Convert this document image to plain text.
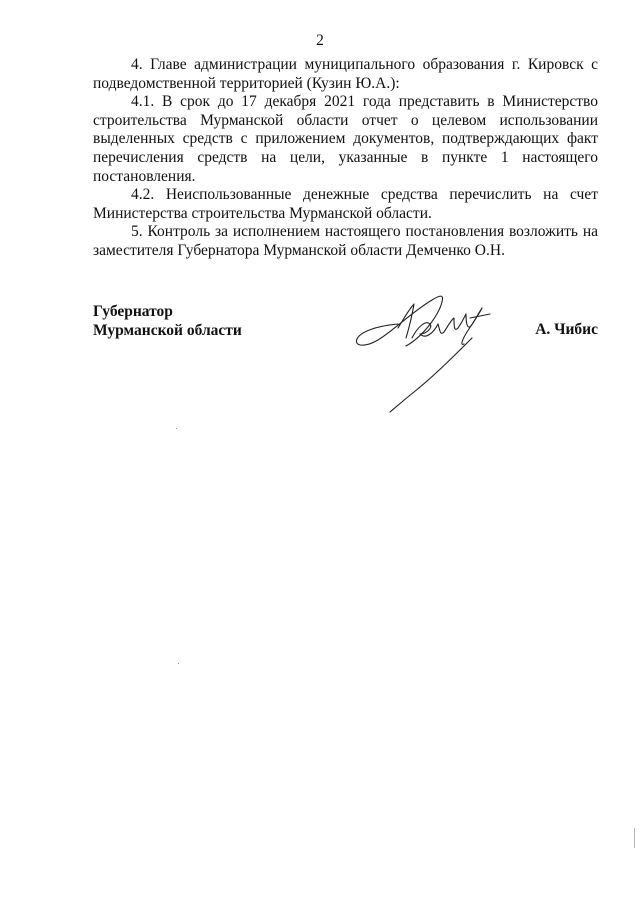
2

4. Главе администрации муниципального образования г. Кировск с подведомственной территорией (Кузин Ю.А.):

4.1. В срок до 17 декабря 2021 года представить в Министерство строительства Мурманской области отчет о целевом использовании выделенных средств с приложением документов, подтверждающих факт перечисления средств на цели, указанные в пункте 1 настоящего постановления.

4.2. Неиспользованные денежные средства перечислить на счет Министерства строительства Мурманской области.

5. Контроль за исполнением настоящего постановления возложить на заместителя Губернатора Мурманской области Демченко О.Н.

Губернатор
Мурманской области	А. Чибис
